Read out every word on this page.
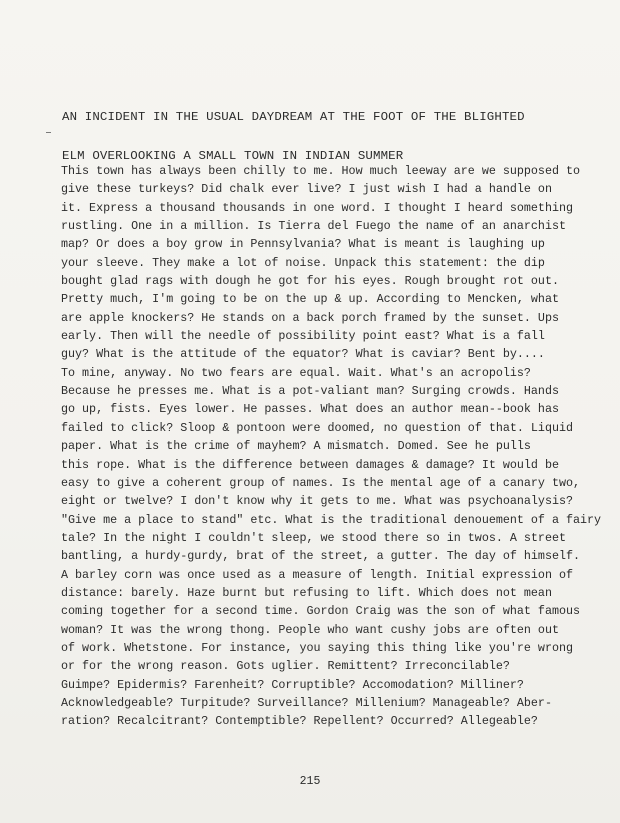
AN INCIDENT IN THE USUAL DAYDREAM AT THE FOOT OF THE BLIGHTED

ELM OVERLOOKING A SMALL TOWN IN INDIAN SUMMER

This town has always been chilly to me. How much leeway are we supposed to
give these turkeys? Did chalk ever live? I just wish I had a handle on
it. Express a thousand thousands in one word. I thought I heard something
rustling. One in a million. Is Tierra del Fuego the name of an anarchist
map? Or does a boy grow in Pennsylvania? What is meant is laughing up
your sleeve. They make a lot of noise. Unpack this statement: the dip
bought glad rags with dough he got for his eyes. Rough brought rot out.
Pretty much, I'm going to be on the up & up. According to Mencken, what
are apple knockers? He stands on a back porch framed by the sunset. Ups
early. Then will the needle of possibility point east? What is a fall
guy? What is the attitude of the equator? What is caviar? Bent by....
To mine, anyway. No two fears are equal. Wait. What's an acropolis?
Because he presses me. What is a pot-valiant man? Surging crowds. Hands
go up, fists. Eyes lower. He passes. What does an author mean--book has
failed to click? Sloop & pontoon were doomed, no question of that. Liquid
paper. What is the crime of mayhem? A mismatch. Domed. See he pulls
this rope. What is the difference between damages & damage? It would be
easy to give a coherent group of names. Is the mental age of a canary two,
eight or twelve? I don't know why it gets to me. What was psychoanalysis?
"Give me a place to stand" etc. What is the traditional denouement of a fairy
tale? In the night I couldn't sleep, we stood there so in twos. A street
bantling, a hurdy-gurdy, brat of the street, a gutter. The day of himself.
A barley corn was once used as a measure of length. Initial expression of
distance: barely. Haze burnt but refusing to lift. Which does not mean
coming together for a second time. Gordon Craig was the son of what famous
woman? It was the wrong thong. People who want cushy jobs are often out
of work. Whetstone. For instance, you saying this thing like you're wrong
or for the wrong reason. Gots uglier. Remittent? Irreconcilable?
Guimpe? Epidermis? Farenheit? Corruptible? Accomodation? Milliner?
Acknowledgeable? Turpitude? Surveillance? Millenium? Manageable? Aber-
ration? Recalcitrant? Contemptible? Repellent? Occurred? Allegeable?
215
